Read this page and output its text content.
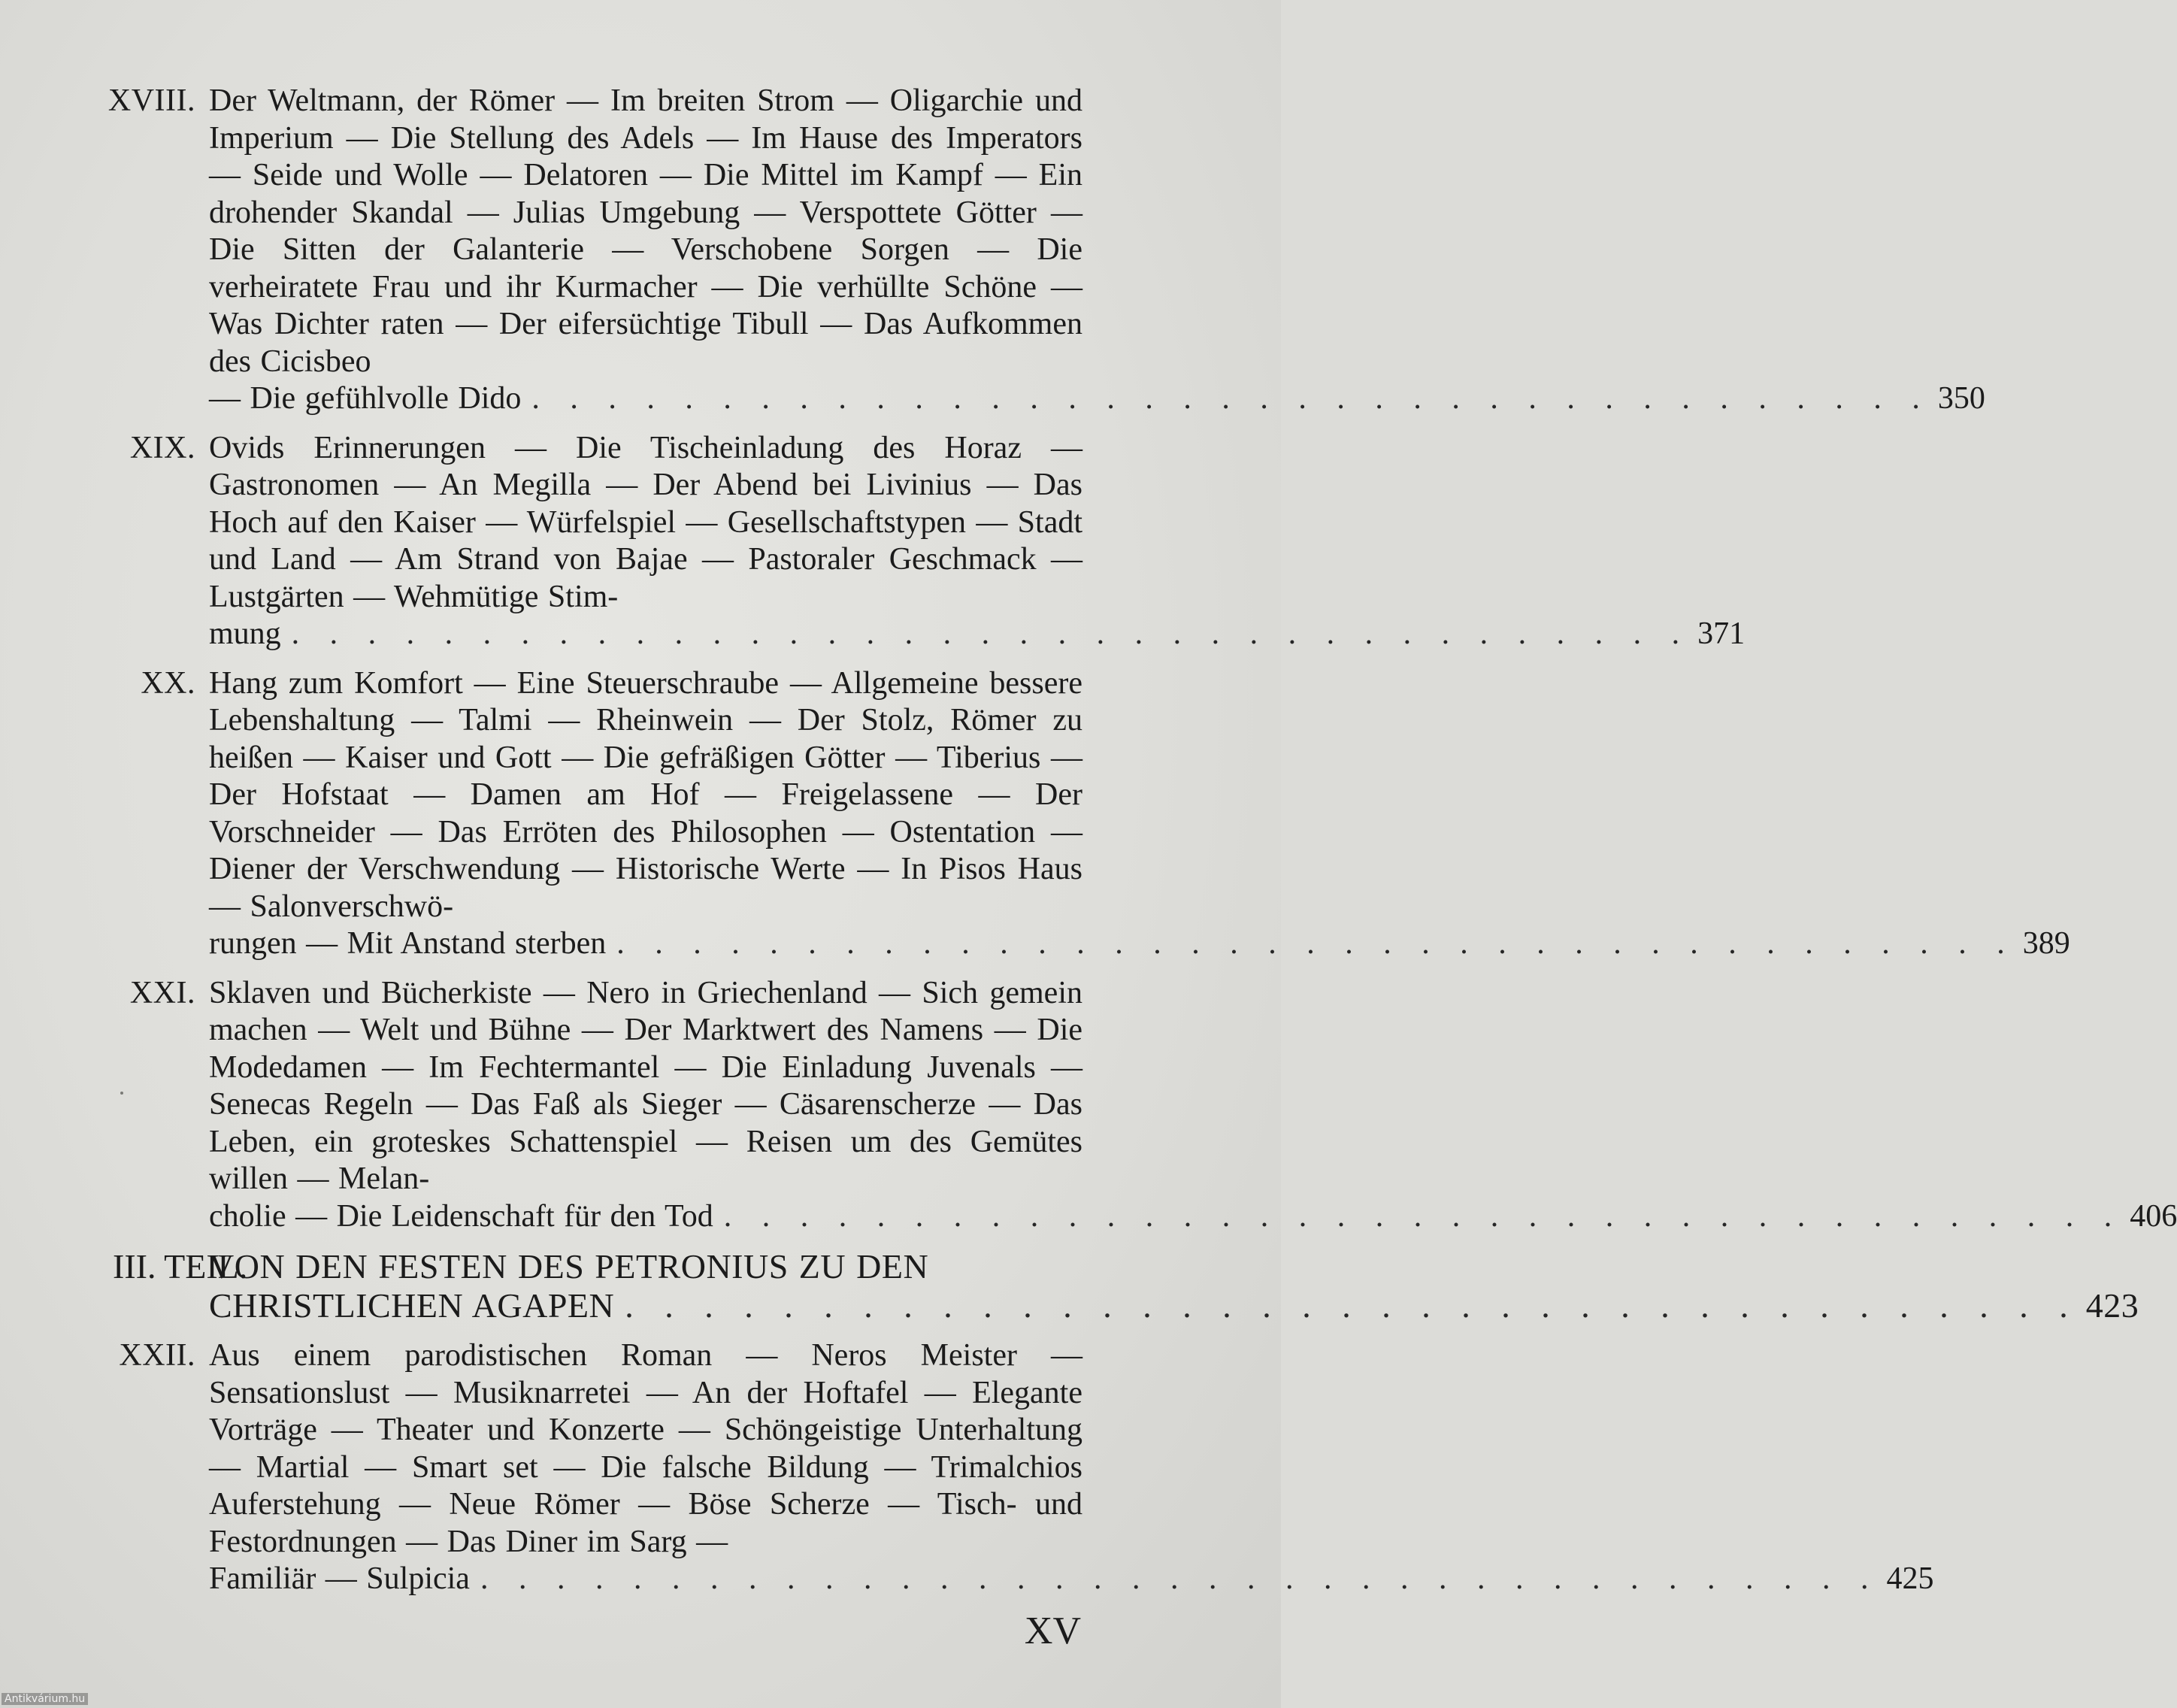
XVIII. Der Weltmann, der Römer — Im breiten Strom — Oligarchie und Imperium — Die Stellung des Adels — Im Hause des Imperators — Seide und Wolle — Delatoren — Die Mittel im Kampf — Ein drohender Skandal — Julias Umgebung — Verspottete Götter — Die Sitten der Galanterie — Verschobene Sorgen — Die verheiratete Frau und ihr Kurmacher — Die verhüllte Schöne — Was Dichter raten — Der eifersüchtige Tibull — Das Aufkommen des Cicisbeo
— Die gefühlvolle Dido . . . . . . . . . . . . . . . . . . . . . . . . . . . . . . . . . . . . . 350
XIX. Ovids Erinnerungen — Die Tischeinladung des Horaz — Gastronomen — An Megilla — Der Abend bei Livinius — Das Hoch auf den Kaiser — Würfelspiel — Gesellschaftstypen — Stadt und Land — Am Strand von Bajae — Pastoraler Geschmack — Lustgärten — Wehmütige Stim-
mung . . . . . . . . . . . . . . . . . . . . . . . . . . . . . . . . . . . . . 371
XX. Hang zum Komfort — Eine Steuerschraube — Allgemeine bessere Lebenshaltung — Talmi — Rheinwein — Der Stolz, Römer zu heißen — Kaiser und Gott — Die gefräßigen Götter — Tiberius — Der Hofstaat — Damen am Hof — Freigelassene — Der Vorschneider — Das Erröten des Philosophen — Ostentation — Diener der Verschwendung — Historische Werte — In Pisos Haus — Salonverschwö-
rungen — Mit Anstand sterben . . . . . . . . . . . . . . . . . . . . . . . . . . . . . . . . . . . . . 389
XXI. Sklaven und Bücherkiste — Nero in Griechenland — Sich gemein machen — Welt und Bühne — Der Marktwert des Namens — Die Modedamen — Im Fechtermantel — Die Einladung Juvenals — Senecas Regeln — Das Faß als Sieger — Cäsarenscherze — Das Leben, ein groteskes Schattenspiel — Reisen um des Gemütes willen — Melan-
cholie — Die Leidenschaft für den Tod . . . . . . . . . . . . . . . . . . . . . . . . . . . . . . . . . . . . . 406
III. TEIL.
VON DEN FESTEN DES PETRONIUS ZU DEN
CHRISTLICHEN AGAPEN . . . . . . . . . . . . . . . . . . . . . . . . . . . . . . . . . . . . . 423
XXII. Aus einem parodistischen Roman — Neros Meister — Sensationslust — Musiknarretei — An der Hoftafel — Elegante Vorträge — Theater und Konzerte — Schöngeistige Unterhaltung — Martial — Smart set — Die falsche Bildung — Trimalchios Auferstehung — Neue Römer — Böse Scherze — Tisch- und Festordnungen — Das Diner im Sarg —
Familiär — Sulpicia . . . . . . . . . . . . . . . . . . . . . . . . . . . . . . . . . . . . . 425
XV
Antikvárium.hu
